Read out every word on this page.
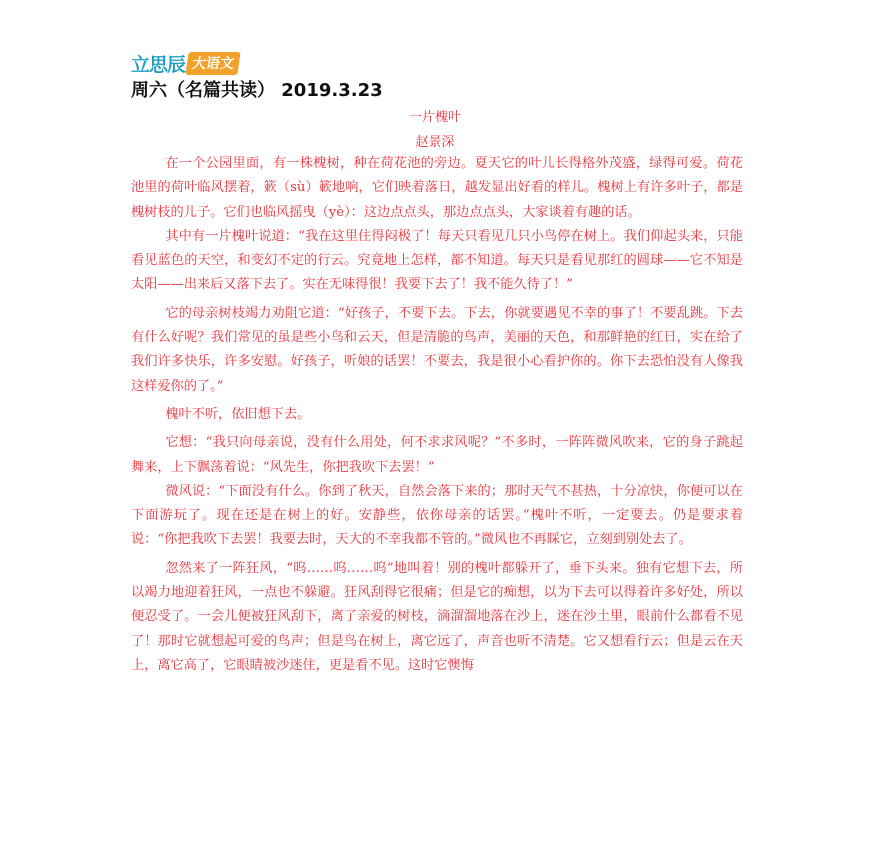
立思辰 大语文
周六（名篇共读） 2019.3.23
一片槐叶
赵景深

在一个公园里面，有一株槐树，种在荷花池的旁边。夏天它的叶儿长得格外茂盛，绿得可爱。荷花池里的荷叶临风摆着，簌（sù）簌地响，它们映着落日，越发显出好看的样儿。槐树上有许多叶子，都是槐树枝的儿子。它们也临风摇曳（yè）：这边点点头，那边点点头，大家谈着有趣的话。

其中有一片槐叶说道：“我在这里住得闷极了！每天只看见几只小鸟停在树上。我们仰起头来，只能看见蓝色的天空，和变幻不定的行云。究竟地上怎样，都不知道。每天只是看见那红的圆球——它不知是太阳——出来后又落下去了。实在无味得很！我要下去了！我不能久待了！”

它的母亲树枝竭力劝阻它道：“好孩子，不要下去。下去，你就要遇见不幸的事了！不要乱跳。下去有什么好呢？我们常见的虽是些小鸟和云天，但是清脆的鸟声，美丽的天色，和那鲜艳的红日，实在给了我们许多快乐，许多安慰。好孩子，听娘的话罢！不要去，我是很小心看护你的。你下去恐怕没有人像我这样爱你的了。”

槐叶不听，依旧想下去。

它想：“我只向母亲说，没有什么用处，何不求求风呢？”不多时，一阵阵微风吹来，它的身子跳起舞来，上下飘荡着说：“风先生，你把我吹下去罢！”

微风说：“下面没有什么。你到了秋天，自然会落下来的；那时天气不甚热，十分凉快，你便可以在下面游玩了。现在还是在树上的好。安静些，依你母亲的话罢。”槐叶不听，一定要去。仍是要求着说：“你把我吹下去罢！我要去时，天大的不幸我都不管的。”微风也不再睬它，立刻到别处去了。

忽然来了一阵狂风，“呜……呜……呜”地叫着！别的槐叶都躲开了，垂下头来。独有它想下去，所以竭力地迎着狂风，一点也不躲避。狂风刮得它很痛；但是它的痴想，以为下去可以得着许多好处，所以便忍受了。一会儿便被狂风刮下，离了亲爱的树枝，滴溜溜地落在沙上，迷在沙土里，眼前什么都看不见了！那时它就想起可爱的鸟声；但是鸟在树上，离它远了，声音也听不清楚。它又想看行云；但是云在天上，离它高了，它眼睛被沙迷住，更是看不见。这时它懊悔
